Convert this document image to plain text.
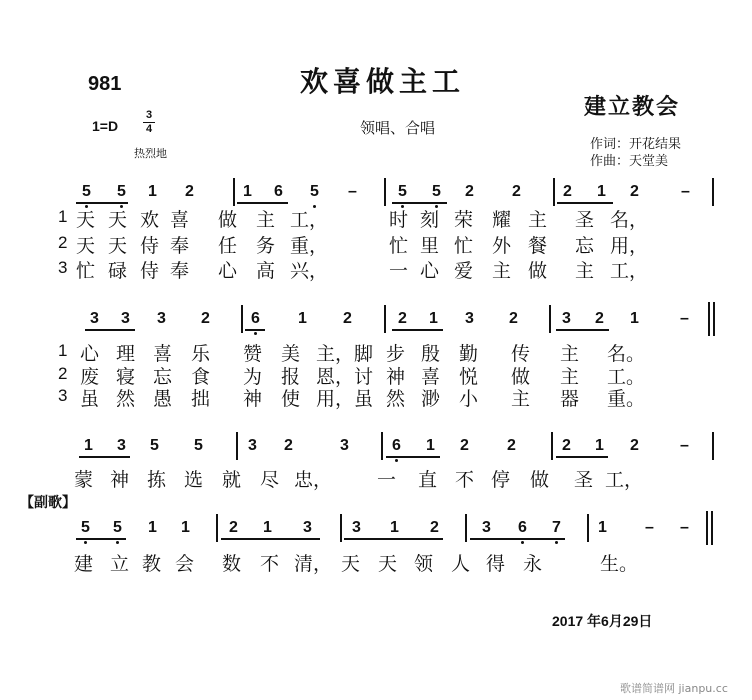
981	欢喜做主工
建立教会
1=D
3
4
热烈地
领唱、合唱
作词：开花结果
作曲：天堂美
5 5 1 2	1 6 5 –	5 5 2 2	2 1 2	–
1 天 天 欢 喜 做 主 工，	时 刻 荣 耀 主 圣 名，
2 天 天 侍 奉 任 务 重，	忙 里 忙 外 餐 忘 用，
3 忙 碌 侍 奉 心 高 兴，	一 心 爱 主 做 主 工，
3 3 3 2	6 1 2	2 1 3 2	3 2 1	–
1 心 理 喜 乐 赞 美 主， 脚 步 殷 勤 传 主 名。
2 废 寝 忘 食 为 报 恩， 讨 神 喜 悦 做 主 工。
3 虽 然 愚 拙 神 使 用， 虽 然 渺 小 主 器 重。
1 3 5 5	3 2	3	6 1 2 2	2 1 2	–
蒙 神 拣 选 就 尽 忠， 一 直 不 停 做 圣 工，
5 5 1 1 2 1 3	3 1 2	3 6 7 1 – –
建 立 教 会 数 不 清， 天 天 领 人 得 永	生。
【副歌】
2017 年6月29日
歌谱简谱网 jianpu.cc
